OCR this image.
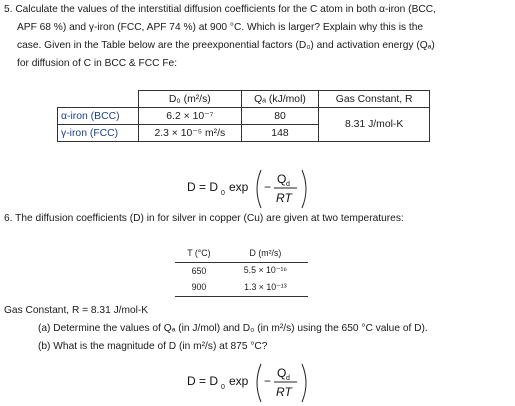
5. Calculate the values of the interstitial diffusion coefficients for the C atom in both α-iron (BCC,
APF 68 %) and γ-iron (FCC, APF 74 %) at 900 °C. Which is larger? Explain why this is the
case. Given in the Table below are the preexponential factors (D₀) and activation energy (Qₐ)
for diffusion of C in BCC & FCC Fe:
	D₀ (m²/s)	Qₐ (kJ/mol)	Gas Constant, R
α-iron (BCC)	6.2 × 10⁻⁷	80	8.31 J/mol-K
γ-iron (FCC)	2.3 × 10⁻⁵ m²/s	148	
D = D 0 exp −
Q d
RT
6. The diffusion coefficients (D) in for silver in copper (Cu) are given at two temperatures:
T (°C)	D (m²/s)
650	5.5 × 10⁻¹⁶
900	1.3 × 10⁻¹³
Gas Constant, R = 8.31 J/mol-K
(a) Determine the values of Qₐ (in J/mol) and D₀ (in m²/s) using the 650 °C value of D).
(b) What is the magnitude of D (in m²/s) at 875 °C?
D = D 0 exp −
Q d
RT
